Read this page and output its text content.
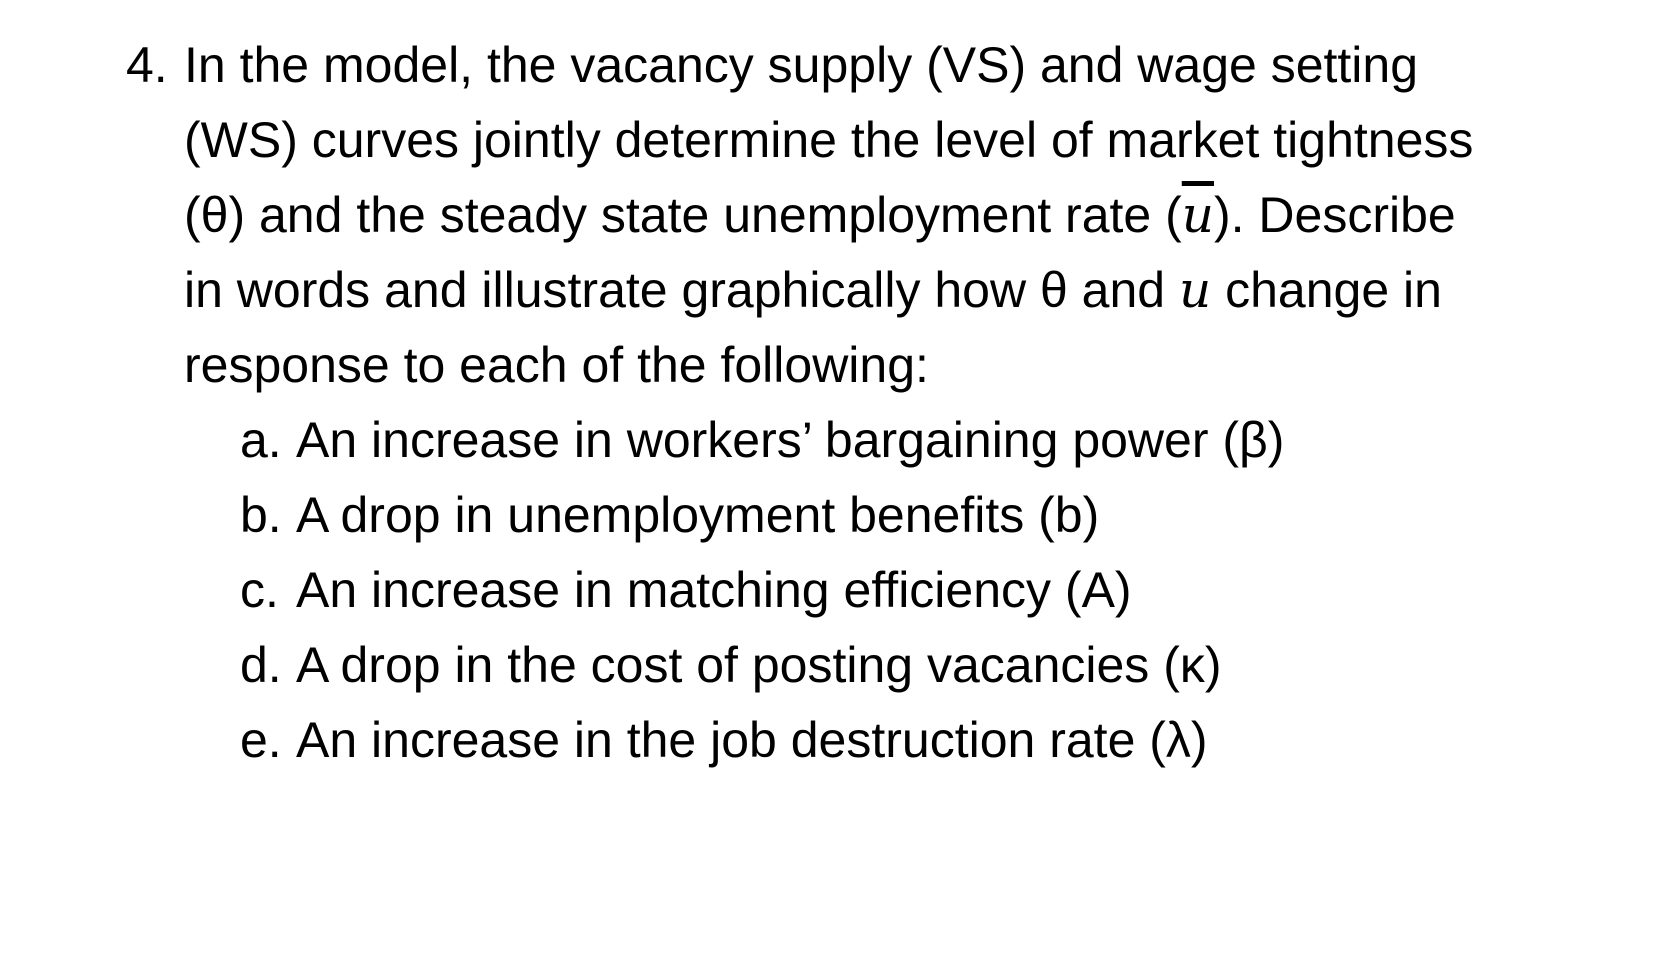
4. In the model, the vacancy supply (VS) and wage setting
(WS) curves jointly determine the level of market tightness
(θ) and the steady state unemployment rate $(\overline{u})$. Describe
in words and illustrate graphically how θ and u change in
response to each of the following:
a. An increase in workers’ bargaining power (β)
b. A drop in unemployment benefits (b)
c. An increase in matching efficiency (A)
d. A drop in the cost of posting vacancies (κ)
e. An increase in the job destruction rate (λ)
